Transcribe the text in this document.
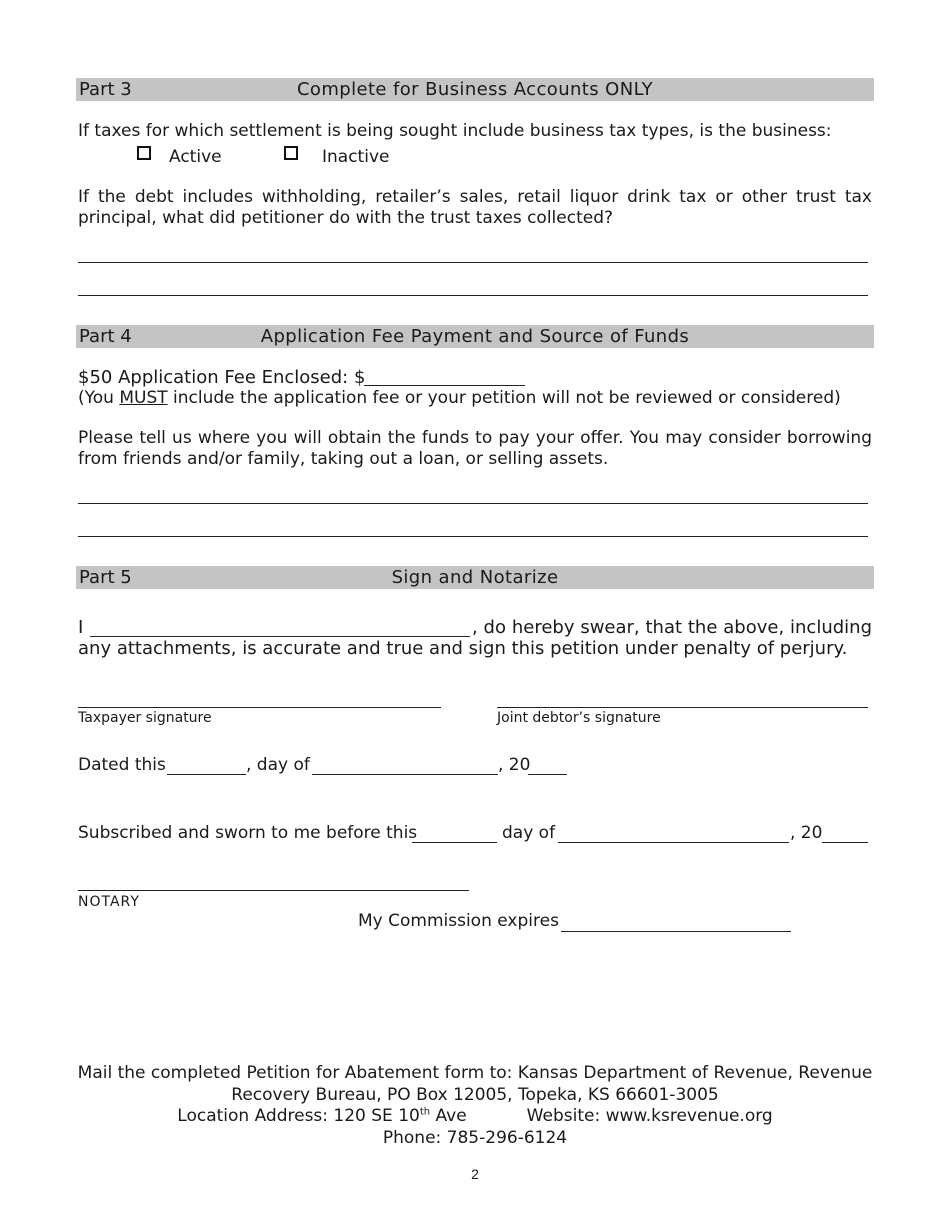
Part 3	Complete for Business Accounts ONLY
If taxes for which settlement is being sought include business tax types, is the business:
Active	Inactive
If the debt includes withholding, retailer’s sales, retail liquor drink tax or other trust tax principal, what did petitioner do with the trust taxes collected?
Part 4	Application Fee Payment and Source of Funds
$50 Application Fee Enclosed: $
(You MUST include the application fee or your petition will not be reviewed or considered)
Please tell us where you will obtain the funds to pay your offer. You may consider borrowing from friends and/or family, taking out a loan, or selling assets.
Part 5	Sign and Notarize
I	, do hereby swear, that the above, including
any attachments, is accurate and true and sign this petition under penalty of perjury.
Taxpayer signature	Joint debtor’s signature
Dated this	, day of	, 20
Subscribed and sworn to me before this	day of	, 20
NOTARY
My Commission expires
Mail the completed Petition for Abatement form to: Kansas Department of Revenue, Revenue
Recovery Bureau, PO Box 12005, Topeka, KS 66601-3005
Location Address: 120 SE 10th Ave	Website: www.ksrevenue.org
Phone: 785-296-6124
2
